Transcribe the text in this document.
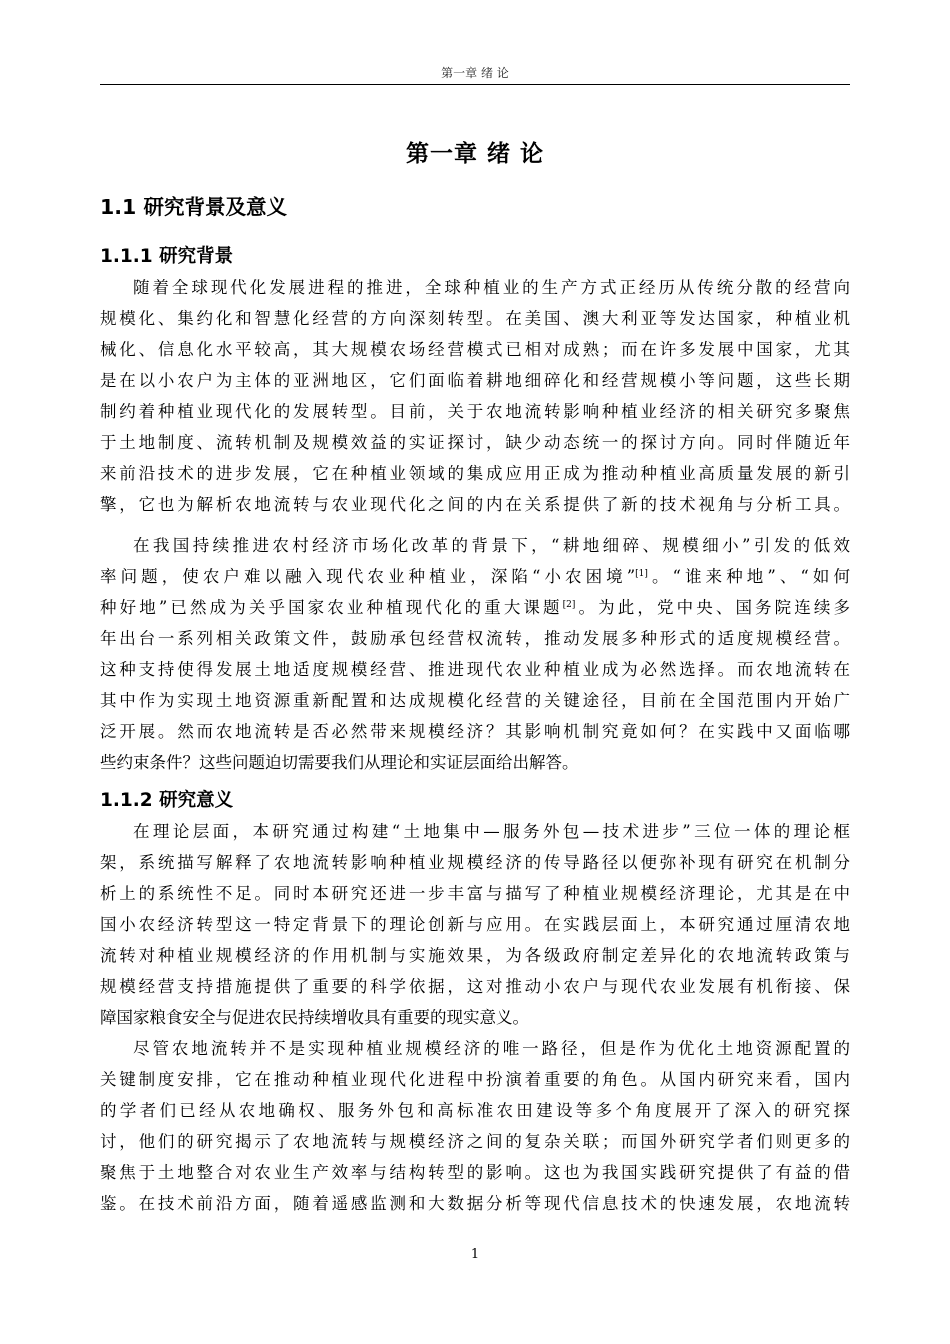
第一章 绪 论
第一章 绪 论
1.1 研究背景及意义
1.1.1 研究背景
随着全球现代化发展进程的推进，全球种植业的生产方式正经历从传统分散的经营向
规模化、集约化和智慧化经营的方向深刻转型。在美国、澳大利亚等发达国家，种植业机
械化、信息化水平较高，其大规模农场经营模式已相对成熟；而在许多发展中国家，尤其
是在以小农户为主体的亚洲地区，它们面临着耕地细碎化和经营规模小等问题，这些长期
制约着种植业现代化的发展转型。目前，关于农地流转影响种植业经济的相关研究多聚焦
于土地制度、流转机制及规模效益的实证探讨，缺少动态统一的探讨方向。同时伴随近年
来前沿技术的进步发展，它在种植业领域的集成应用正成为推动种植业高质量发展的新引
擎，它也为解析农地流转与农业现代化之间的内在关系提供了新的技术视角与分析工具。
在我国持续推进农村经济市场化改革的背景下，“耕地细碎、规模细小”引发的低效
率问题，使农户难以融入现代农业种植业，深陷“小农困境”[1]。“谁来种地”、“如何
种好地”已然成为关乎国家农业种植现代化的重大课题[2]。为此，党中央、国务院连续多
年出台一系列相关政策文件，鼓励承包经营权流转，推动发展多种形式的适度规模经营。
这种支持使得发展土地适度规模经营、推进现代农业种植业成为必然选择。而农地流转在
其中作为实现土地资源重新配置和达成规模化经营的关键途径，目前在全国范围内开始广
泛开展。然而农地流转是否必然带来规模经济？其影响机制究竟如何？在实践中又面临哪
些约束条件？这些问题迫切需要我们从理论和实证层面给出解答。
1.1.2 研究意义
在理论层面，本研究通过构建“土地集中—服务外包—技术进步”三位一体的理论框
架，系统描写解释了农地流转影响种植业规模经济的传导路径以便弥补现有研究在机制分
析上的系统性不足。同时本研究还进一步丰富与描写了种植业规模经济理论，尤其是在中
国小农经济转型这一特定背景下的理论创新与应用。在实践层面上，本研究通过厘清农地
流转对种植业规模经济的作用机制与实施效果，为各级政府制定差异化的农地流转政策与
规模经营支持措施提供了重要的科学依据，这对推动小农户与现代农业发展有机衔接、保
障国家粮食安全与促进农民持续增收具有重要的现实意义。
尽管农地流转并不是实现种植业规模经济的唯一路径，但是作为优化土地资源配置的
关键制度安排，它在推动种植业现代化进程中扮演着重要的角色。从国内研究来看，国内
的学者们已经从农地确权、服务外包和高标准农田建设等多个角度展开了深入的研究探
讨，他们的研究揭示了农地流转与规模经济之间的复杂关联；而国外研究学者们则更多的
聚焦于土地整合对农业生产效率与结构转型的影响。这也为我国实践研究提供了有益的借
鉴。在技术前沿方面，随着遥感监测和大数据分析等现代信息技术的快速发展，农地流转
1
